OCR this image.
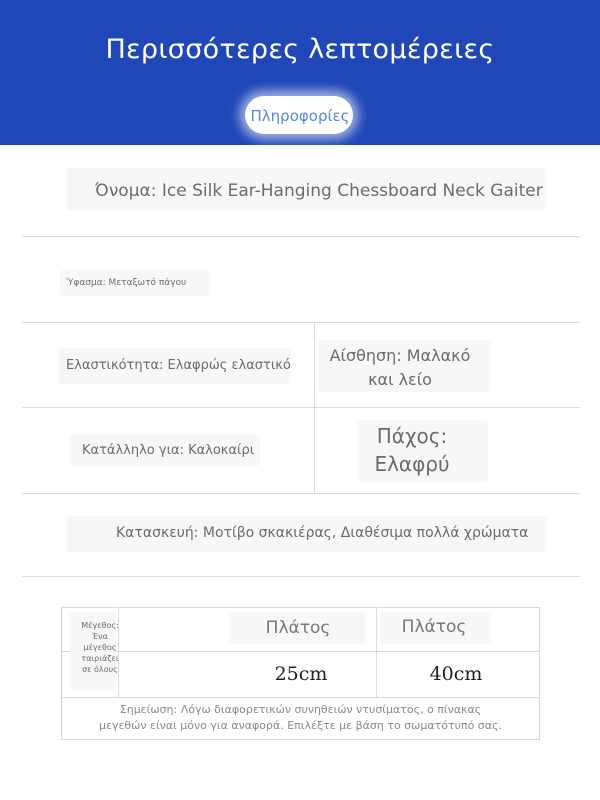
Περισσότερες λεπτομέρειες
Πληροφορίες
Όνομα: Ice Silk Ear-Hanging Chessboard Neck Gaiter
Ύφασμα: Μεταξωτό πάγου
Ελαστικότητα: Ελαφρώς ελαστικό
Αίσθηση: Μαλακό
και λείο
Κατάλληλο για: Καλοκαίρι
Πάχος:
Ελαφρύ
Κατασκευή: Μοτίβο σκακιέρας, Διαθέσιμα πολλά χρώματα
Μέγεθος:
Ένα
μέγεθος
ταιριάζει
σε όλους
Πλάτος	Πλάτος
25cm	40cm
Σημείωση: Λόγω διαφορετικών συνηθειών ντυσίματος, ο πίνακας
μεγεθών είναι μόνο για αναφορά. Επιλέξτε με βάση το σωματότυπό σας.
